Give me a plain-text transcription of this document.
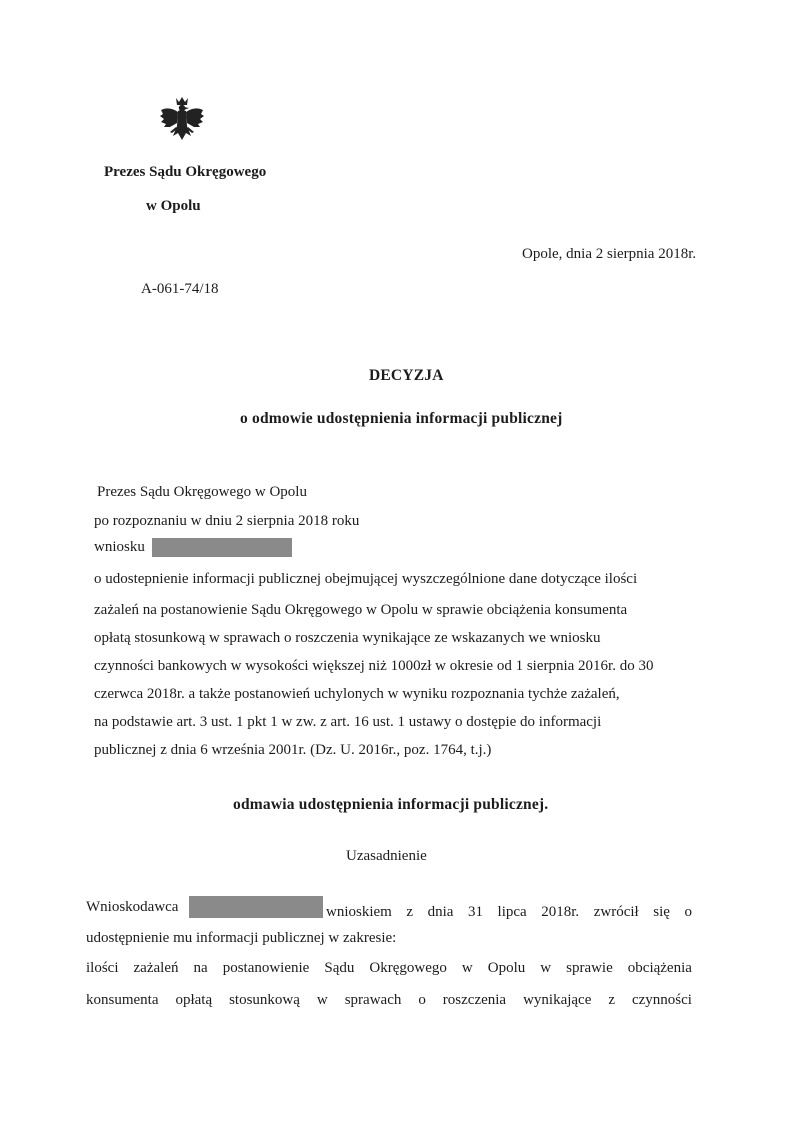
Prezes Sądu Okręgowego
w Opolu
Opole, dnia 2 sierpnia 2018r.
A-061-74/18
DECYZJA
o odmowie udostępnienia informacji publicznej
Prezes Sądu Okręgowego w Opolu
po rozpoznaniu w dniu 2 sierpnia 2018 roku
wniosku
o udostepnienie informacji publicznej obejmującej wyszczególnione dane dotyczące ilości
zażaleń na postanowienie Sądu Okręgowego w Opolu w sprawie obciążenia konsumenta
opłatą stosunkową w sprawach o roszczenia wynikające ze wskazanych we wniosku
czynności bankowych w wysokości większej niż 1000zł w okresie od 1 sierpnia 2016r. do 30
czerwca 2018r. a także postanowień uchylonych w wyniku rozpoznania tychże zażaleń,
na podstawie art. 3 ust. 1 pkt 1 w zw. z art. 16 ust. 1 ustawy o dostępie do informacji
publicznej z dnia 6 września 2001r. (Dz. U. 2016r., poz. 1764, t.j.)
odmawia udostępnienia informacji publicznej.
Uzasadnienie
Wnioskodawca	wnioskiem z dnia 31 lipca 2018r. zwrócił się o
udostępnienie mu informacji publicznej w zakresie:
ilości zażaleń na postanowienie Sądu Okręgowego w Opolu w sprawie obciążenia
konsumenta opłatą stosunkową w sprawach o roszczenia wynikające z czynności
